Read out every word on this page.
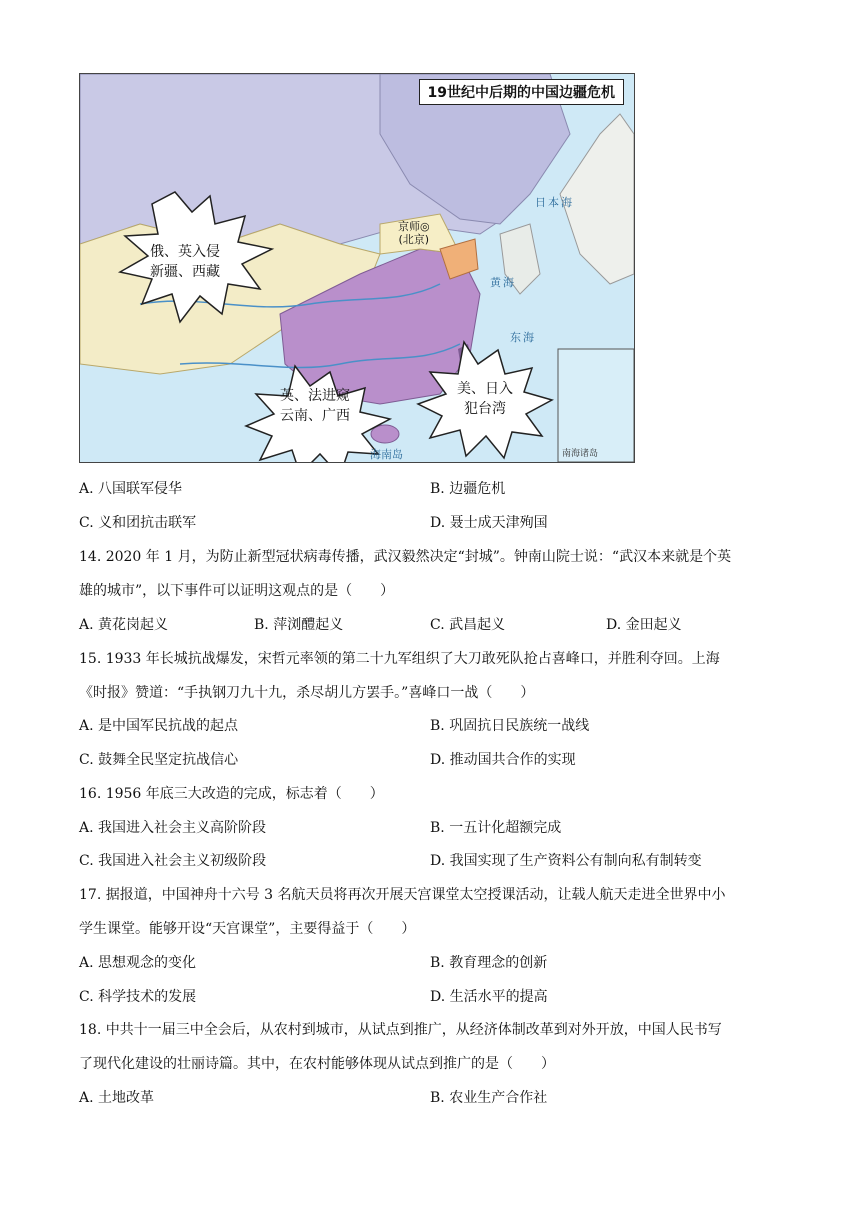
19世纪中后期的中国边疆危机
俄、英入侵
新疆、西藏
英、法进窥
云南、广西
美、日入
犯台湾
京师◎
(北京)
日本海
黄海
东海
海南岛	南海诸岛
A. 八国联军侵华	B. 边疆危机
C. 义和团抗击联军	D. 聂士成天津殉国
14. 2020 年 1 月，为防止新型冠状病毒传播，武汉毅然决定“封城”。钟南山院士说：“武汉本来就是个英
雄的城市”，以下事件可以证明这观点的是（　　）
A. 黄花岗起义	B. 萍浏醴起义	C. 武昌起义	D. 金田起义
15. 1933 年长城抗战爆发，宋哲元率领的第二十九军组织了大刀敢死队抢占喜峰口，并胜利夺回。上海
《时报》赞道：“手执钢刀九十九，杀尽胡儿方罢手。”喜峰口一战（　　）
A. 是中国军民抗战的起点	B. 巩固抗日民族统一战线
C. 鼓舞全民坚定抗战信心	D. 推动国共合作的实现
16. 1956 年底三大改造的完成，标志着（　　）
A. 我国进入社会主义高阶阶段	B. 一五计化超额完成
C. 我国进入社会主义初级阶段	D. 我国实现了生产资料公有制向私有制转变
17. 据报道，中国神舟十六号 3 名航天员将再次开展天宫课堂太空授课活动，让载人航天走进全世界中小
学生课堂。能够开设“天宫课堂”，主要得益于（　　）
A. 思想观念的变化	B. 教育理念的创新
C. 科学技术的发展	D. 生活水平的提高
18. 中共十一届三中全会后，从农村到城市，从试点到推广，从经济体制改革到对外开放，中国人民书写
了现代化建设的壮丽诗篇。其中，在农村能够体现从试点到推广的是（　　）
A. 土地改革	B. 农业生产合作社
